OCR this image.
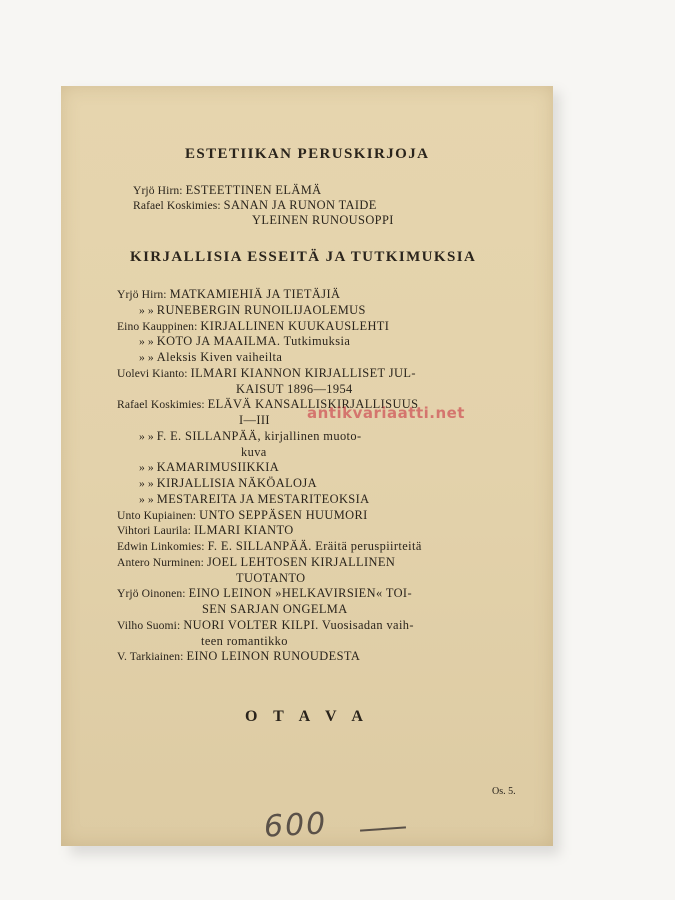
ESTETIIKAN PERUSKIRJOJA
Yrjö Hirn: ESTEETTINEN ELÄMÄ
Rafael Koskimies: SANAN JA RUNON TAIDE
YLEINEN RUNOUSOPPI
KIRJALLISIA ESSEITÄ JA TUTKIMUKSIA
Yrjö Hirn: MATKAMIEHIÄ JA TIETÄJIÄ
» » RUNEBERGIN RUNOILIJAOLEMUS
Eino Kauppinen: KIRJALLINEN KUUKAUSLEHTI
» » KOTO JA MAAILMA. Tutkimuksia
» » Aleksis Kiven vaiheilta
Uolevi Kianto: ILMARI KIANNON KIRJALLISET JUL-
KAISUT 1896—1954
Rafael Koskimies: ELÄVÄ KANSALLISKIRJALLISUUS
I—III
» » F. E. SILLANPÄÄ, kirjallinen muoto-
kuva
» » KAMARIMUSIIKKIA
» » KIRJALLISIA NÄKÖALOJA
» » MESTAREITA JA MESTARITEOKSIA
Unto Kupiainen: UNTO SEPPÄSEN HUUMORI
Vihtori Laurila: ILMARI KIANTO
Edwin Linkomies: F. E. SILLANPÄÄ. Eräitä peruspiirteitä
Antero Nurminen: JOEL LEHTOSEN KIRJALLINEN
TUOTANTO
Yrjö Oinonen: EINO LEINON »HELKAVIRSIEN« TOI-
SEN SARJAN ONGELMA
Vilho Suomi: NUORI VOLTER KILPI. Vuosisadan vaih-
teen romantikko
V. Tarkiainen: EINO LEINON RUNOUDESTA
antikvariaatti.net
O T A V A
Os. 5.
600
